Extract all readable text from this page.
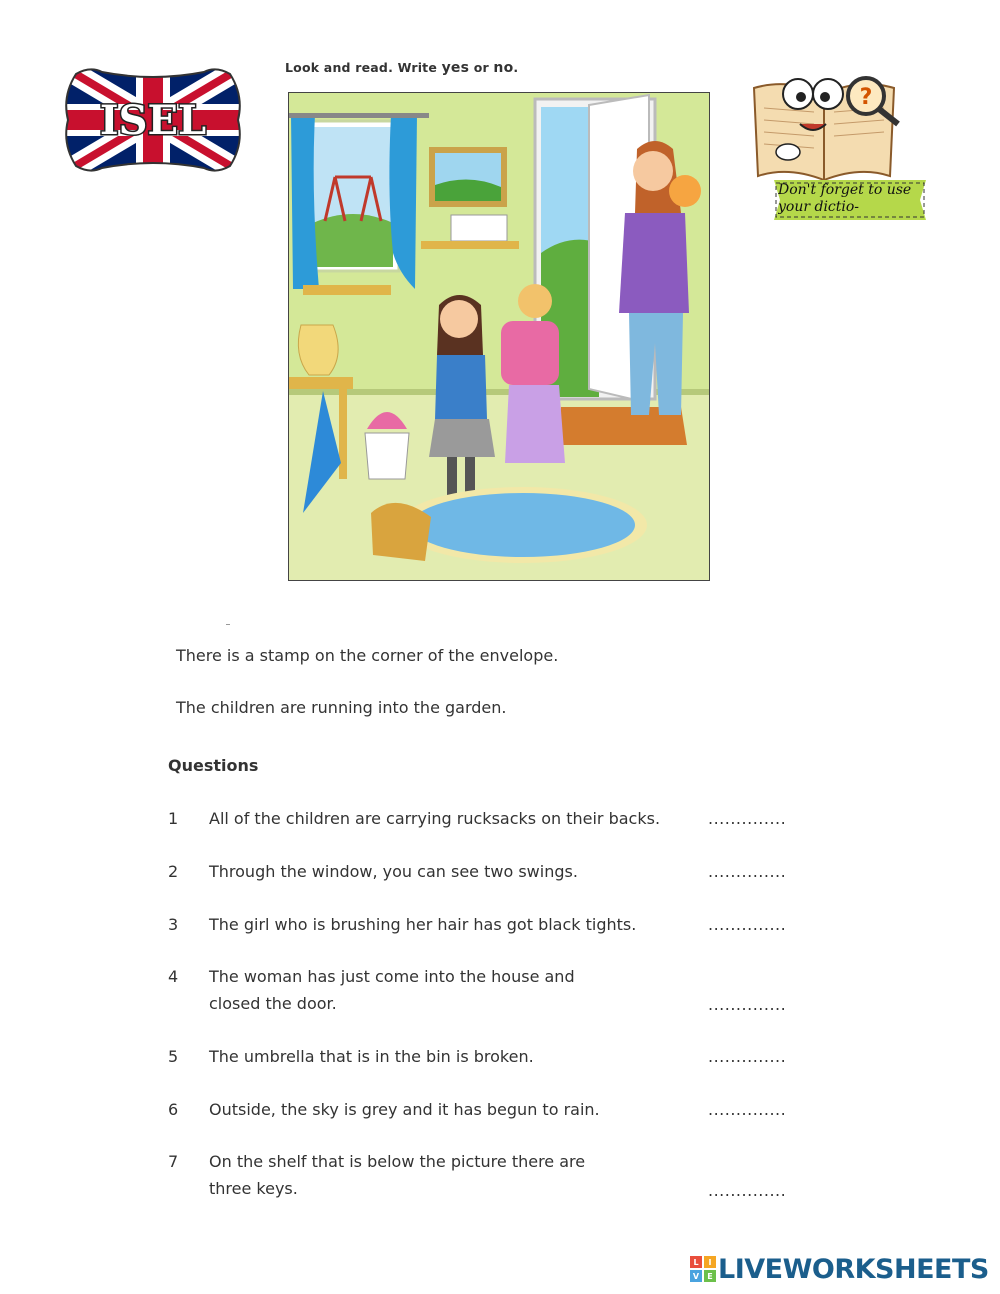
Look and read. Write yes or no.
ISEL	?
Don't forget to use your dictio-
There is a stamp on the corner of the envelope.
The children are running into the garden.
Questions
1 All of the children are carrying rucksacks on their backs.	..............
2 Through the window, you can see two swings.	..............
3 The girl who is brushing her hair has got black tights.	..............
4 The woman has just come into the house and
closed the door.	..............
5 The umbrella that is in the bin is broken.	..............
6 Outside, the sky is grey and it has begun to rain.	..............
7 On the shelf that is below the picture there are
three keys.	..............
L	I
V	E LIVEWORKSHEETS
